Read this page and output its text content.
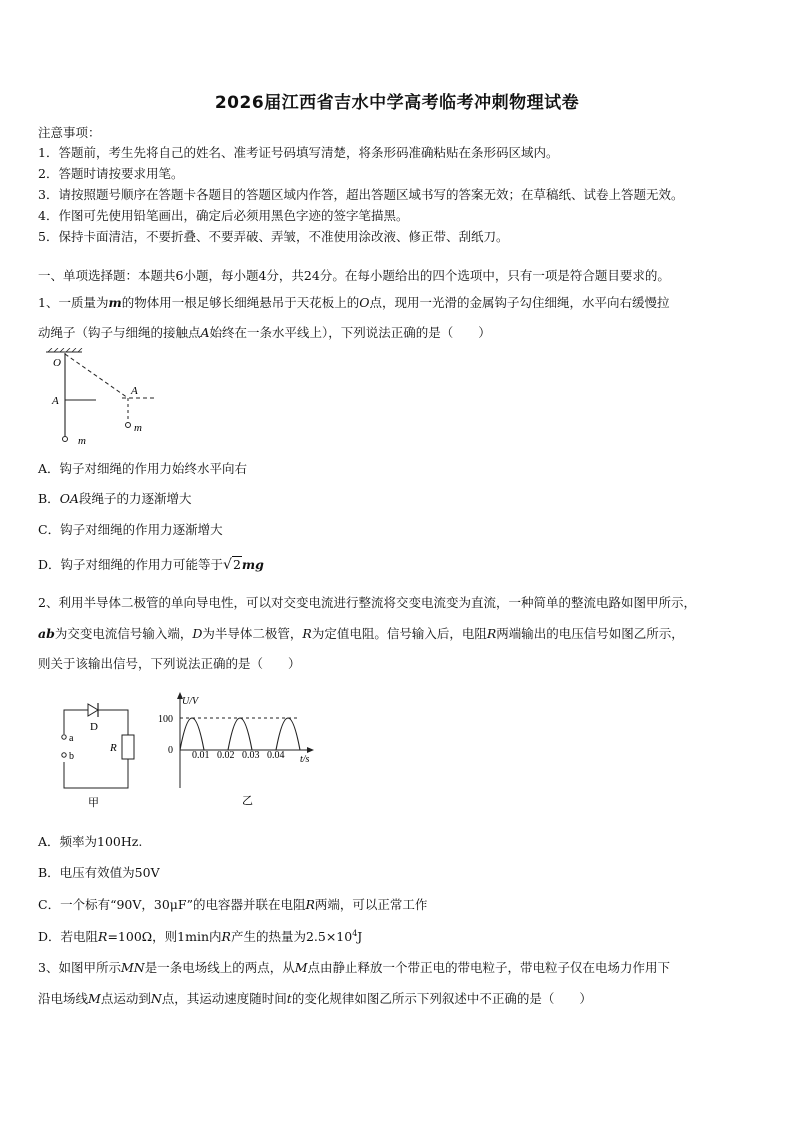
2026届江西省吉水中学高考临考冲刺物理试卷
注意事项：
1．答题前，考生先将自己的姓名、准考证号码填写清楚，将条形码准确粘贴在条形码区域内。
2．答题时请按要求用笔。
3．请按照题号顺序在答题卡各题目的答题区域内作答，超出答题区域书写的答案无效；在草稿纸、试卷上答题无效。
4．作图可先使用铅笔画出，确定后必须用黑色字迹的签字笔描黑。
5．保持卡面清洁，不要折叠、不要弄破、弄皱，不准使用涂改液、修正带、刮纸刀。
一、单项选择题：本题共6小题，每小题4分，共24分。在每小题给出的四个选项中，只有一项是符合题目要求的。
1、一质量为m的物体用一根足够长细绳悬吊于天花板上的O点，现用一光滑的金属钩子勾住细绳，水平向右缓慢拉
动绳子（钩子与细绳的接触点A始终在一条水平线上），下列说法正确的是（　　）
O
A
A
m
m
A．钩子对细绳的作用力始终水平向右
B．OA段绳子的力逐渐增大
C．钩子对细绳的作用力逐渐增大
D．钩子对细绳的作用力可能等于√2mg
2、利用半导体二极管的单向导电性，可以对交变电流进行整流将交变电流变为直流，一种简单的整流电路如图甲所示，
ab为交变电流信号输入端，D为半导体二极管，R为定值电阻。信号输入后，电阻R两端输出的电压信号如图乙所示，
则关于该输出信号，下列说法正确的是（　　）
D
a
b
R
甲
U/V
100
0 0.01 0.02 0.03 0.04 t/s
乙
A．频率为100Hz.
B．电压有效值为50V
C．一个标有“90V，30μF”的电容器并联在电阻R两端，可以正常工作
D．若电阻R=100Ω，则1min内R产生的热量为$2.5\times 10^4J$
3、如图甲所示MN是一条电场线上的两点，从M点由静止释放一个带正电的带电粒子，带电粒子仅在电场力作用下
沿电场线M点运动到N点，其运动速度随时间t的变化规律如图乙所示下列叙述中不正确的是（　　）
